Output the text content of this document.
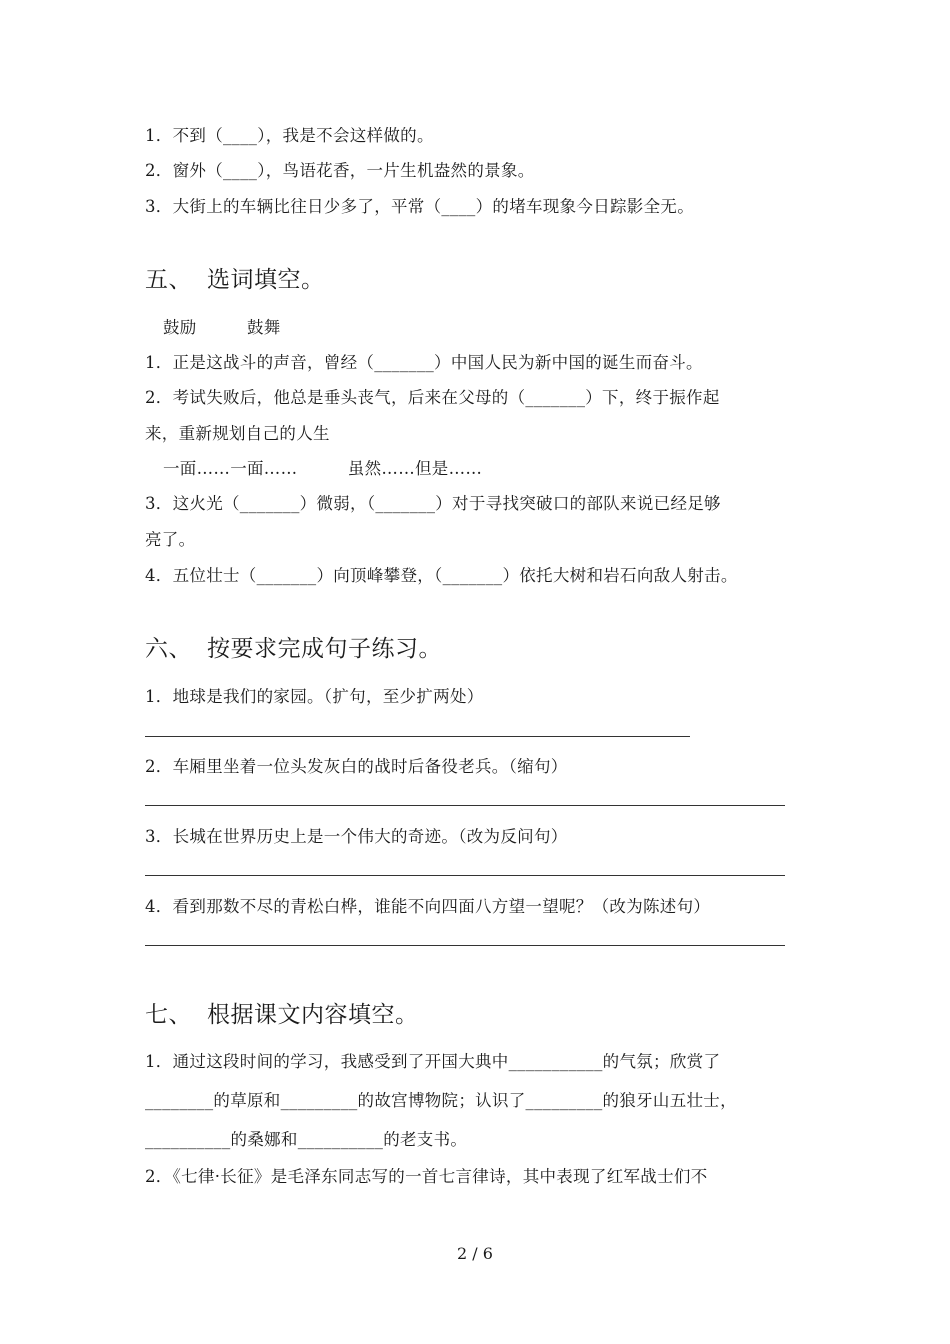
1．不到（____），我是不会这样做的。
2．窗外（____），鸟语花香，一片生机盎然的景象。
3．大街上的车辆比往日少多了，平常（____）的堵车现象今日踪影全无。
五、 选词填空。
鼓励　　　鼓舞
1．正是这战斗的声音，曾经（_______）中国人民为新中国的诞生而奋斗。
2．考试失败后，他总是垂头丧气，后来在父母的（_______）下，终于振作起
来，重新规划自己的人生
一面……一面……　　　虽然……但是……
3．这火光（_______）微弱，（_______）对于寻找突破口的部队来说已经足够
亮了。
4．五位壮士（_______）向顶峰攀登，（_______）依托大树和岩石向敌人射击。
六、 按要求完成句子练习。
1．地球是我们的家园。（扩句，至少扩两处）
2．车厢里坐着一位头发灰白的战时后备役老兵。（缩句）
3．长城在世界历史上是一个伟大的奇迹。（改为反问句）
4．看到那数不尽的青松白桦，谁能不向四面八方望一望呢？（改为陈述句）
七、 根据课文内容填空。
1．通过这段时间的学习，我感受到了开国大典中___________的气氛；欣赏了
________的草原和_________的故宫博物院；认识了_________的狼牙山五壮士，
__________的桑娜和__________的老支书。
2．《七律·长征》是毛泽东同志写的一首七言律诗，其中表现了红军战士们不
2 / 6
